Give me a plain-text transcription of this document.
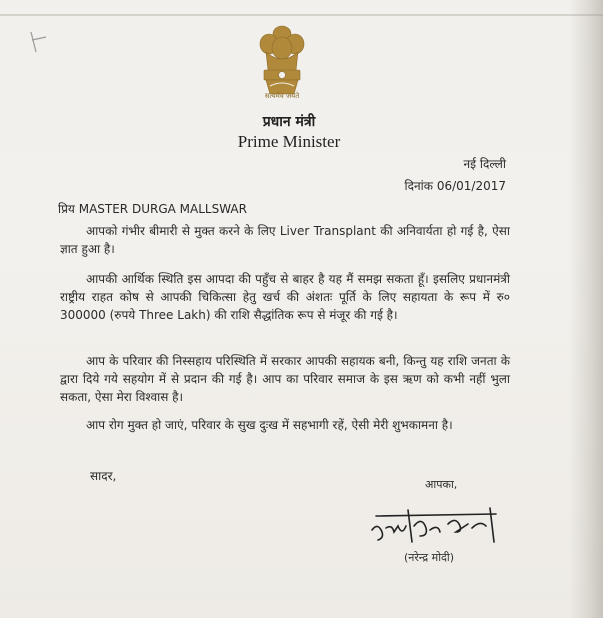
सत्यमेव जयते
प्रधान मंत्री
Prime Minister
नई दिल्ली
दिनांक 06/01/2017
प्रिय MASTER DURGA MALLSWAR
आपको गंभीर बीमारी से मुक्त करने के लिए Liver Transplant की अनिवार्यता हो गई है, ऐसा ज्ञात हुआ है।
आपकी आर्थिक स्थिति इस आपदा की पहुँच से बाहर है यह मैं समझ सकता हूँ। इसलिए प्रधानमंत्री राष्ट्रीय राहत कोष से आपकी चिकित्सा हेतु खर्च की अंशतः पूर्ति के लिए सहायता के रूप में रु० 300000 (रुपये Three Lakh) की राशि सैद्धांतिक रूप से मंजूर की गई है।
आप के परिवार की निस्सहाय परिस्थिति में सरकार आपकी सहायक बनी, किन्तु यह राशि जनता के द्वारा दिये गये सहयोग में से प्रदान की गई है। आप का परिवार समाज के इस ऋण को कभी नहीं भुला सकता, ऐसा मेरा विश्वास है।
आप रोग मुक्त हो जाएं, परिवार के सुख दुःख में सहभागी रहें, ऐसी मेरी शुभकामना है।
सादर,
आपका,
(नरेन्द्र मोदी)
